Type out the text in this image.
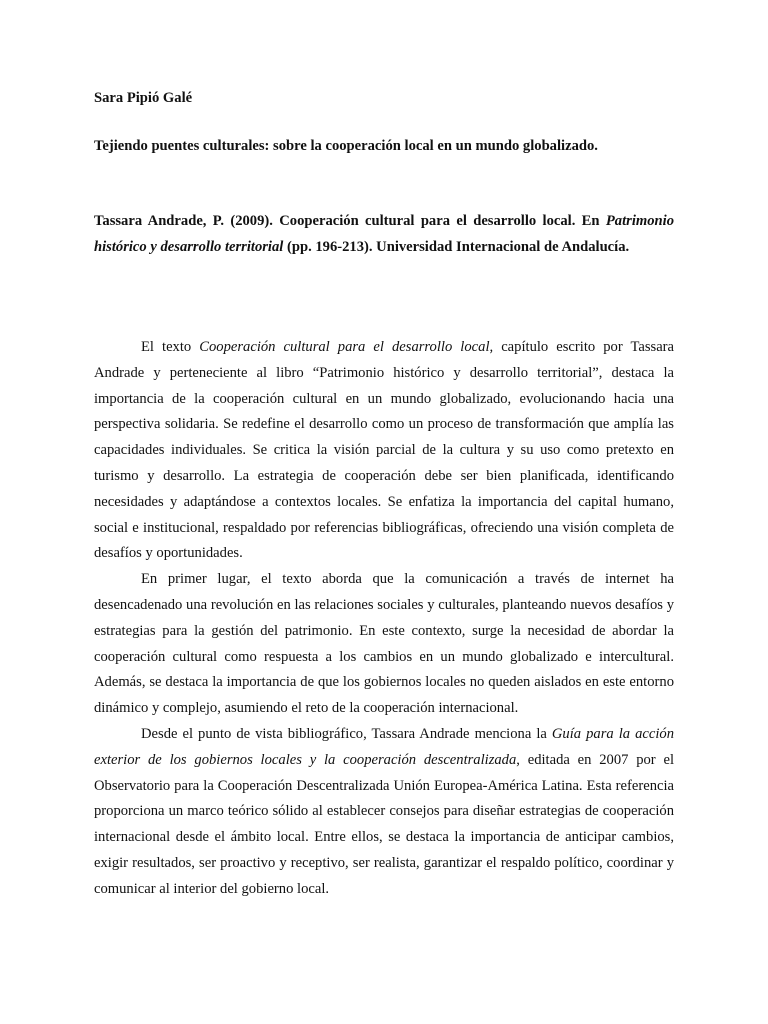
Sara Pipió Galé
Tejiendo puentes culturales: sobre la cooperación local en un mundo globalizado.
Tassara Andrade, P. (2009). Cooperación cultural para el desarrollo local. En Patrimonio histórico y desarrollo territorial (pp. 196-213). Universidad Internacional de Andalucía.

El texto Cooperación cultural para el desarrollo local, capítulo escrito por Tassara Andrade y perteneciente al libro “Patrimonio histórico y desarrollo territorial”, destaca la importancia de la cooperación cultural en un mundo globalizado, evolucionando hacia una perspectiva solidaria. Se redefine el desarrollo como un proceso de transformación que amplía las capacidades individuales. Se critica la visión parcial de la cultura y su uso como pretexto en turismo y desarrollo. La estrategia de cooperación debe ser bien planificada, identificando necesidades y adaptándose a contextos locales. Se enfatiza la importancia del capital humano, social e institucional, respaldado por referencias bibliográficas, ofreciendo una visión completa de desafíos y oportunidades.

En primer lugar, el texto aborda que la comunicación a través de internet ha desencadenado una revolución en las relaciones sociales y culturales, planteando nuevos desafíos y estrategias para la gestión del patrimonio. En este contexto, surge la necesidad de abordar la cooperación cultural como respuesta a los cambios en un mundo globalizado e intercultural. Además, se destaca la importancia de que los gobiernos locales no queden aislados en este entorno dinámico y complejo, asumiendo el reto de la cooperación internacional.

Desde el punto de vista bibliográfico, Tassara Andrade menciona la Guía para la acción exterior de los gobiernos locales y la cooperación descentralizada, editada en 2007 por el Observatorio para la Cooperación Descentralizada Unión Europea-América Latina. Esta referencia proporciona un marco teórico sólido al establecer consejos para diseñar estrategias de cooperación internacional desde el ámbito local. Entre ellos, se destaca la importancia de anticipar cambios, exigir resultados, ser proactivo y receptivo, ser realista, garantizar el respaldo político, coordinar y comunicar al interior del gobierno local.
